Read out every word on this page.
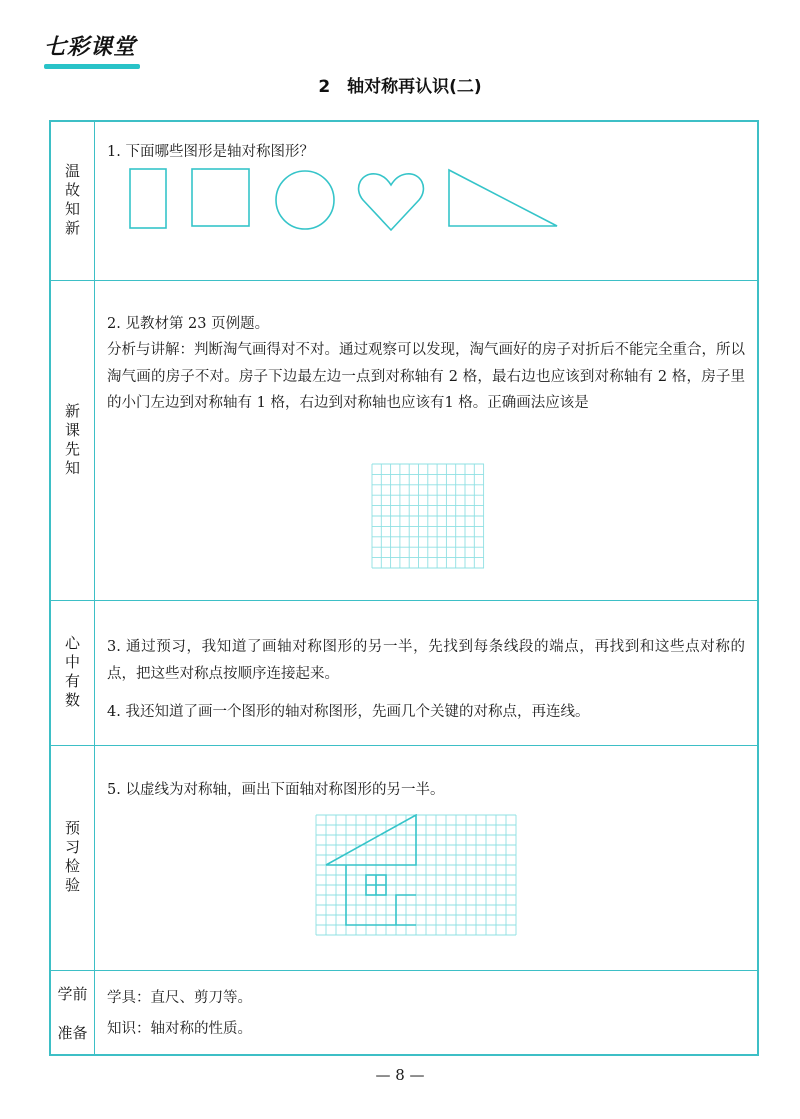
七彩课堂
2　轴对称再认识(二)
温故知新
1. 下面哪些图形是轴对称图形？
新课先知
2. 见教材第 23 页例题。
分析与讲解：判断淘气画得对不对。通过观察可以发现，淘气画好的房子对折后不能完全重合，所以淘气画的房子不对。房子下边最左边一点到对称轴有 2 格，最右边也应该到对称轴有 2 格，房子里的小门左边到对称轴有 1 格，右边到对称轴也应该有1 格。正确画法应该是
心中有数 3. 通过预习，我知道了画轴对称图形的另一半，先找到每条线段的端点，再找到和这些点对称的点，把这些对称点按顺序连接起来。
4. 我还知道了画一个图形的轴对称图形，先画几个关键的对称点，再连线。
预习检验
5. 以虚线为对称轴，画出下面轴对称图形的另一半。
学前
准备
学具：直尺、剪刀等。
知识：轴对称的性质。
— 8 —
